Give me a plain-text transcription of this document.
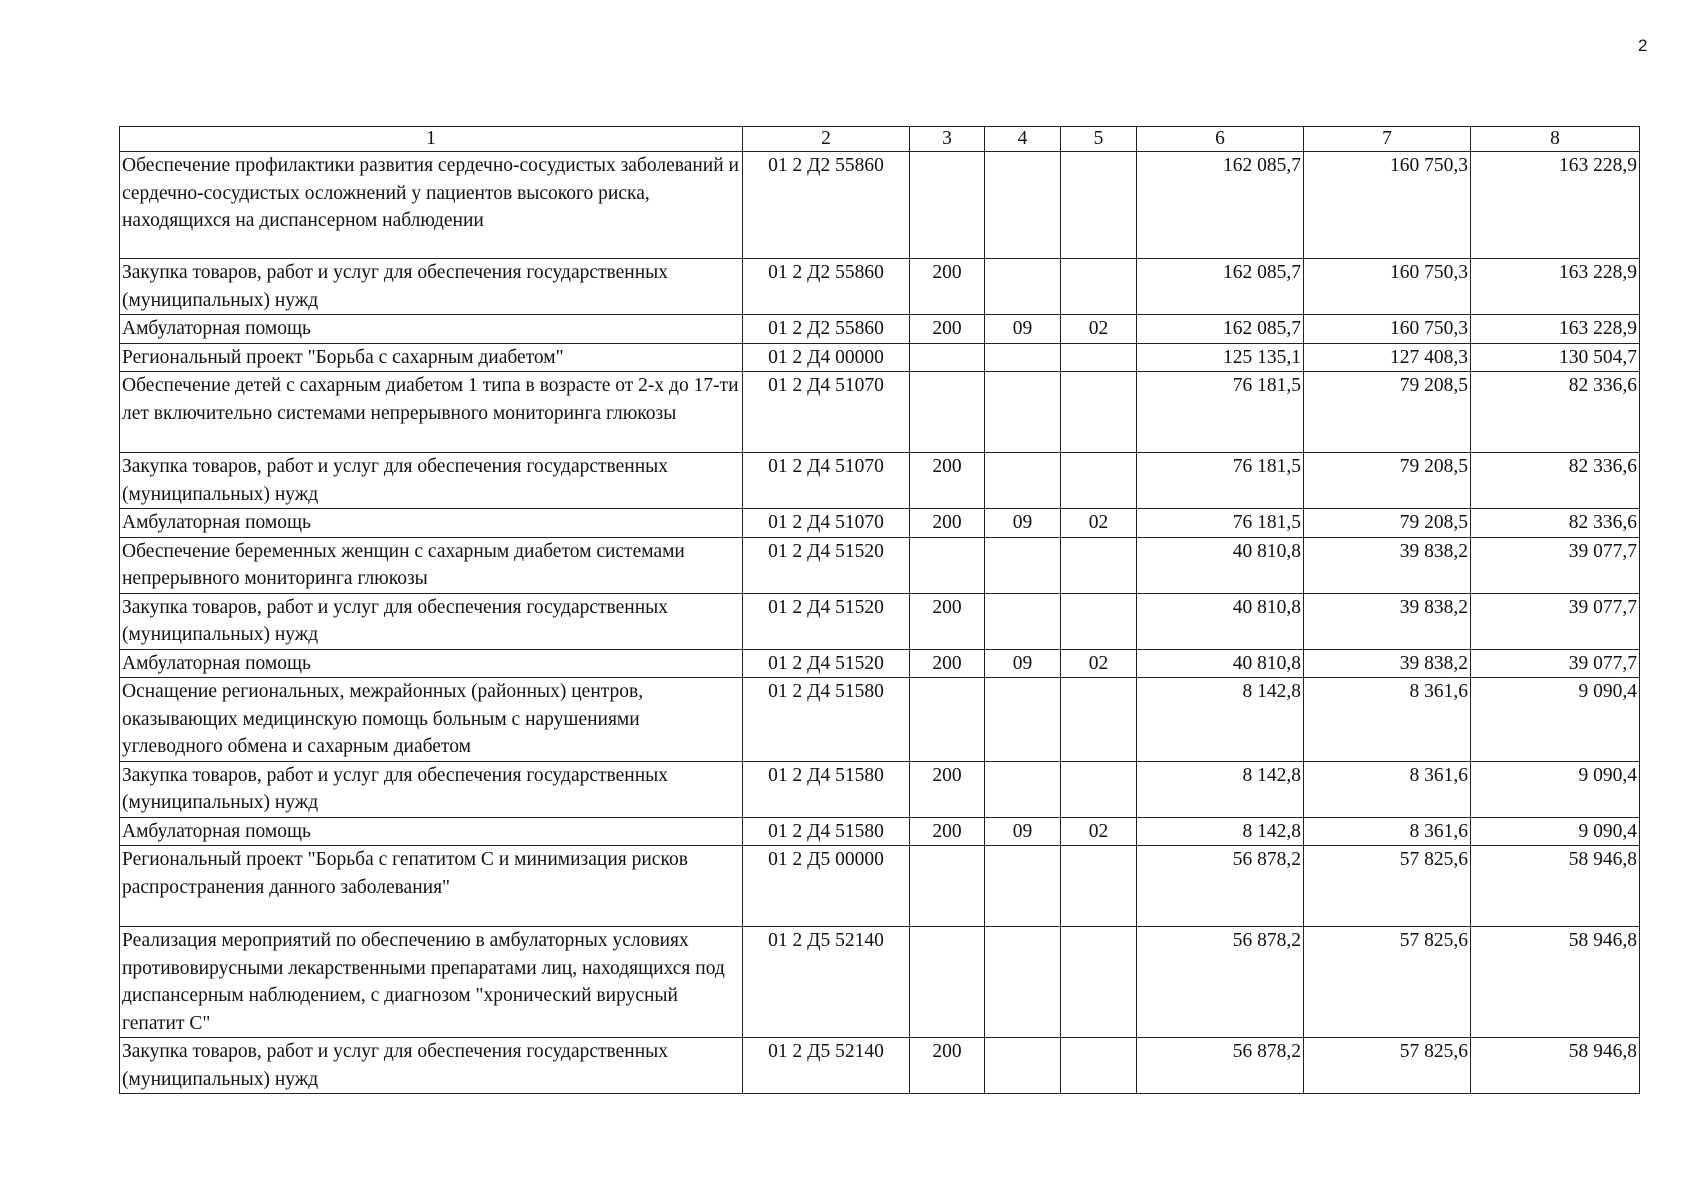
2
1	2	3	4	5	6	7	8
Обеспечение профилактики развития сердечно-сосудистых заболеваний и сердечно-сосудистых осложнений у пациентов высокого риска, находящихся на диспансерном наблюдении	01 2 Д2 55860				162 085,7	160 750,3	163 228,9
Закупка товаров, работ и услуг для обеспечения государственных (муниципальных) нужд	01 2 Д2 55860	200			162 085,7	160 750,3	163 228,9
Амбулаторная помощь	01 2 Д2 55860	200	09	02	162 085,7	160 750,3	163 228,9
Региональный проект "Борьба с сахарным диабетом"	01 2 Д4 00000				125 135,1	127 408,3	130 504,7
Обеспечение детей с сахарным диабетом 1 типа в возрасте от 2-х до 17-ти лет включительно системами непрерывного мониторинга глюкозы	01 2 Д4 51070				76 181,5	79 208,5	82 336,6
Закупка товаров, работ и услуг для обеспечения государственных (муниципальных) нужд	01 2 Д4 51070	200			76 181,5	79 208,5	82 336,6
Амбулаторная помощь	01 2 Д4 51070	200	09	02	76 181,5	79 208,5	82 336,6
Обеспечение беременных женщин с сахарным диабетом системами непрерывного мониторинга глюкозы	01 2 Д4 51520				40 810,8	39 838,2	39 077,7
Закупка товаров, работ и услуг для обеспечения государственных (муниципальных) нужд	01 2 Д4 51520	200			40 810,8	39 838,2	39 077,7
Амбулаторная помощь	01 2 Д4 51520	200	09	02	40 810,8	39 838,2	39 077,7
Оснащение региональных, межрайонных (районных) центров, оказывающих медицинскую помощь больным с нарушениями углеводного обмена и сахарным диабетом	01 2 Д4 51580				8 142,8	8 361,6	9 090,4
Закупка товаров, работ и услуг для обеспечения государственных (муниципальных) нужд	01 2 Д4 51580	200			8 142,8	8 361,6	9 090,4
Амбулаторная помощь	01 2 Д4 51580	200	09	02	8 142,8	8 361,6	9 090,4
Региональный проект "Борьба с гепатитом С и минимизация рисков распространения данного заболевания"	01 2 Д5 00000				56 878,2	57 825,6	58 946,8
Реализация мероприятий по обеспечению в амбулаторных условиях противовирусными лекарственными препаратами лиц, находящихся под диспансерным наблюдением, с диагнозом "хронический вирусный гепатит С"	01 2 Д5 52140				56 878,2	57 825,6	58 946,8
Закупка товаров, работ и услуг для обеспечения государственных (муниципальных) нужд	01 2 Д5 52140	200			56 878,2	57 825,6	58 946,8
